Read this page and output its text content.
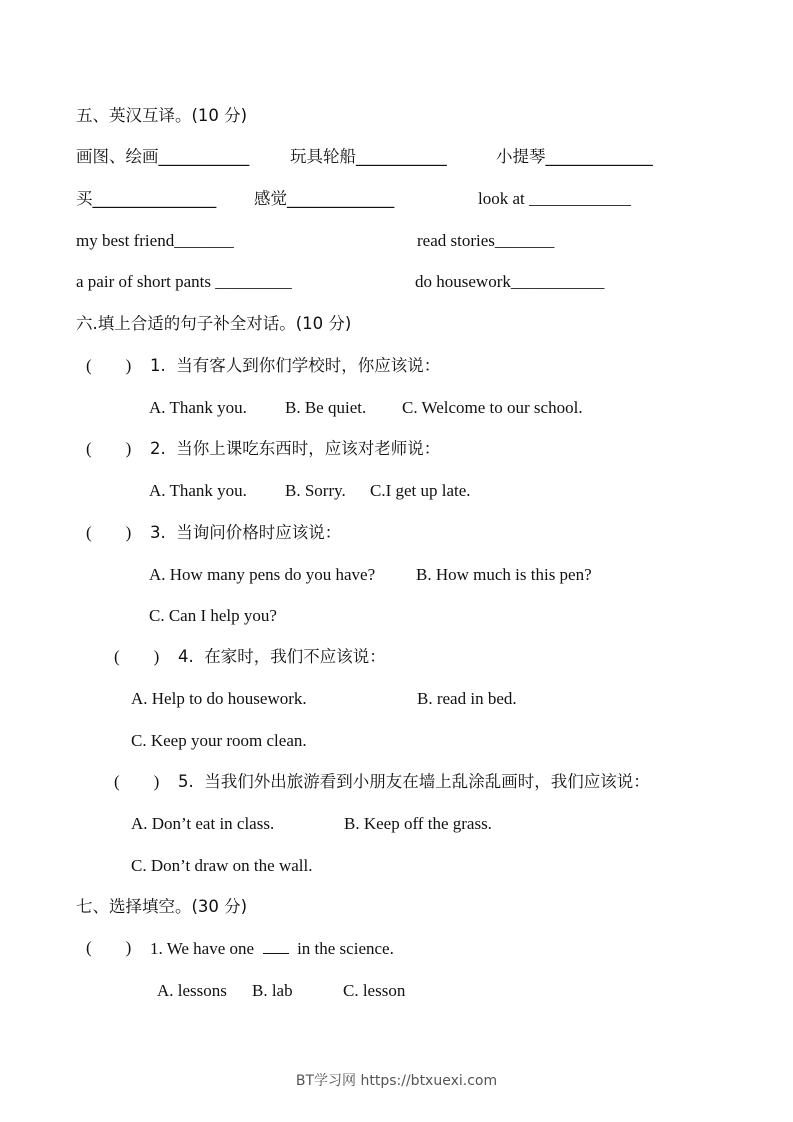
五、英汉互译。(10 分)
画图、绘画___________ 玩具轮船___________	小提琴_____________
买_______________ 感觉_____________	look at ____________
my best friend_______	read stories_______
a pair of short pants _________	do housework___________
六.填上合适的句子补全对话。(10 分)
(        ) 1.  当有客人到你们学校时，你应该说：
A. Thank you. B. Be quiet. C. Welcome to our school.
(        ) 2.  当你上课吃东西时，应该对老师说：
A. Thank you. B. Sorry. C.I get up late.
(        ) 3.  当询问价格时应该说：
A. How many pens do you have? B. How much is this pen?
C. Can I help you?
(        ) 4.  在家时，我们不应该说：
A. Help to do housework.	B. read in bed.
C. Keep your room clean.
(        ) 5.  当我们外出旅游看到小朋友在墙上乱涂乱画时，我们应该说：
A. Don’t eat in class.	B. Keep off the grass.
C. Don’t draw on the wall.
七、选择填空。(30 分)
(        ) 1. We have one	in the science.
A. lessons B. lab	C. lesson
BT学习网 https://btxuexi.com
